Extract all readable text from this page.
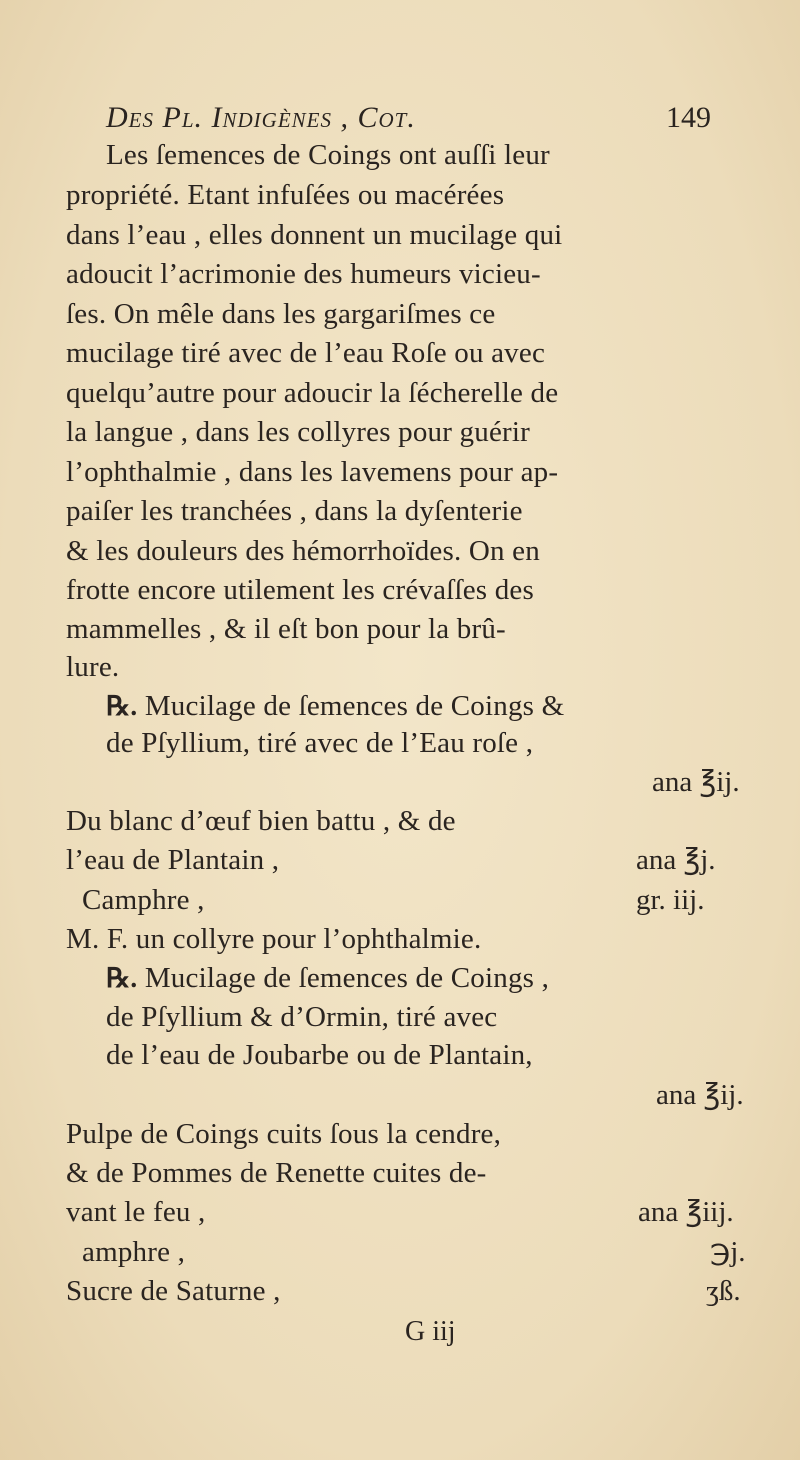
Des Pl. Indigènes , Cot.	149
Les ſemences de Coings ont auſſi leur
propriété. Etant infuſées ou macérées
dans l’eau , elles donnent un mucilage qui
adoucit l’acrimonie des humeurs vicieu-
ſes. On mêle dans les gargariſmes ce
mucilage tiré avec de l’eau Roſe ou avec
quelqu’autre pour adoucir la ſécherelle de
la langue , dans les collyres pour guérir
l’ophthalmie , dans les lavemens pour ap-
paiſer les tranchées , dans la dyſenterie
& les douleurs des hémorrhoïdes. On en
frotte encore utilement les crévaſſes des
mammelles , & il eſt bon pour la brû-
lure.
℞. Mucilage de ſemences de Coings &
de Pſyllium, tiré avec de l’Eau roſe ,
ana ℥ij.
Du blanc d’œuf bien battu , & de
l’eau de Plantain ,	ana ℥j.
Camphre ,	gr. iij.
M. F. un collyre pour l’ophthalmie.
℞. Mucilage de ſemences de Coings ,
de Pſyllium & d’Ormin, tiré avec
de l’eau de Joubarbe ou de Plantain,
ana ℥ij.
Pulpe de Coings cuits ſous la cendre,
& de Pommes de Renette cuites de-
vant le feu ,	ana ℥iij.
amphre ,	℈j.
Sucre de Saturne ,	ʒß.
G iij
